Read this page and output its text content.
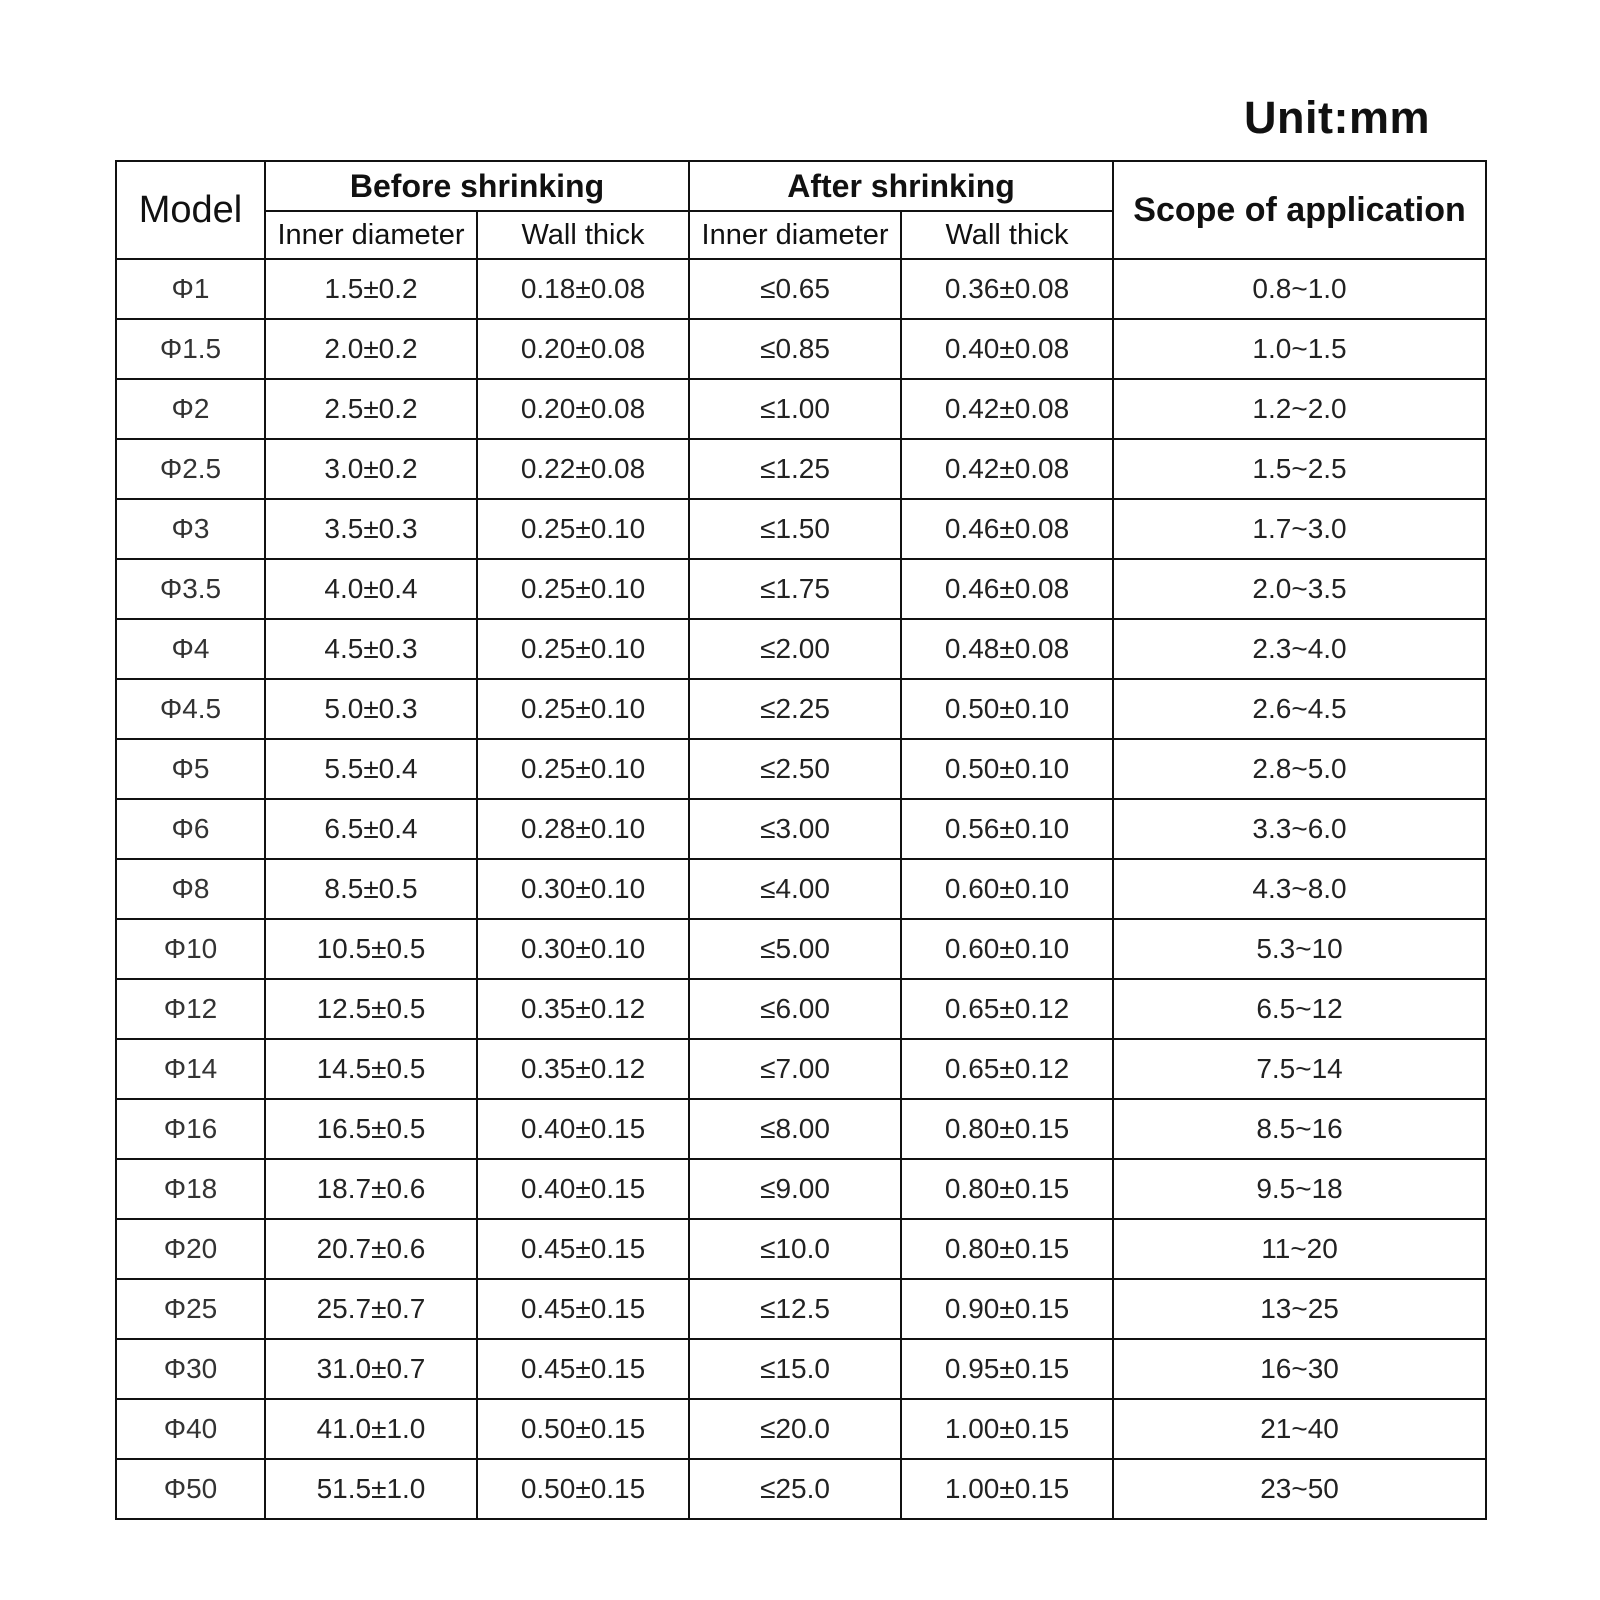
Unit:mm
Model	Before shrinking		After shrinking		Scope of application
	Inner diameter	Wall thick	Inner diameter	Wall thick	
Φ1	1.5±0.2	0.18±0.08	≤0.65	0.36±0.08	0.8~1.0
Φ1.5	2.0±0.2	0.20±0.08	≤0.85	0.40±0.08	1.0~1.5
Φ2	2.5±0.2	0.20±0.08	≤1.00	0.42±0.08	1.2~2.0
Φ2.5	3.0±0.2	0.22±0.08	≤1.25	0.42±0.08	1.5~2.5
Φ3	3.5±0.3	0.25±0.10	≤1.50	0.46±0.08	1.7~3.0
Φ3.5	4.0±0.4	0.25±0.10	≤1.75	0.46±0.08	2.0~3.5
Φ4	4.5±0.3	0.25±0.10	≤2.00	0.48±0.08	2.3~4.0
Φ4.5	5.0±0.3	0.25±0.10	≤2.25	0.50±0.10	2.6~4.5
Φ5	5.5±0.4	0.25±0.10	≤2.50	0.50±0.10	2.8~5.0
Φ6	6.5±0.4	0.28±0.10	≤3.00	0.56±0.10	3.3~6.0
Φ8	8.5±0.5	0.30±0.10	≤4.00	0.60±0.10	4.3~8.0
Φ10	10.5±0.5	0.30±0.10	≤5.00	0.60±0.10	5.3~10
Φ12	12.5±0.5	0.35±0.12	≤6.00	0.65±0.12	6.5~12
Φ14	14.5±0.5	0.35±0.12	≤7.00	0.65±0.12	7.5~14
Φ16	16.5±0.5	0.40±0.15	≤8.00	0.80±0.15	8.5~16
Φ18	18.7±0.6	0.40±0.15	≤9.00	0.80±0.15	9.5~18
Φ20	20.7±0.6	0.45±0.15	≤10.0	0.80±0.15	11~20
Φ25	25.7±0.7	0.45±0.15	≤12.5	0.90±0.15	13~25
Φ30	31.0±0.7	0.45±0.15	≤15.0	0.95±0.15	16~30
Φ40	41.0±1.0	0.50±0.15	≤20.0	1.00±0.15	21~40
Φ50	51.5±1.0	0.50±0.15	≤25.0	1.00±0.15	23~50
